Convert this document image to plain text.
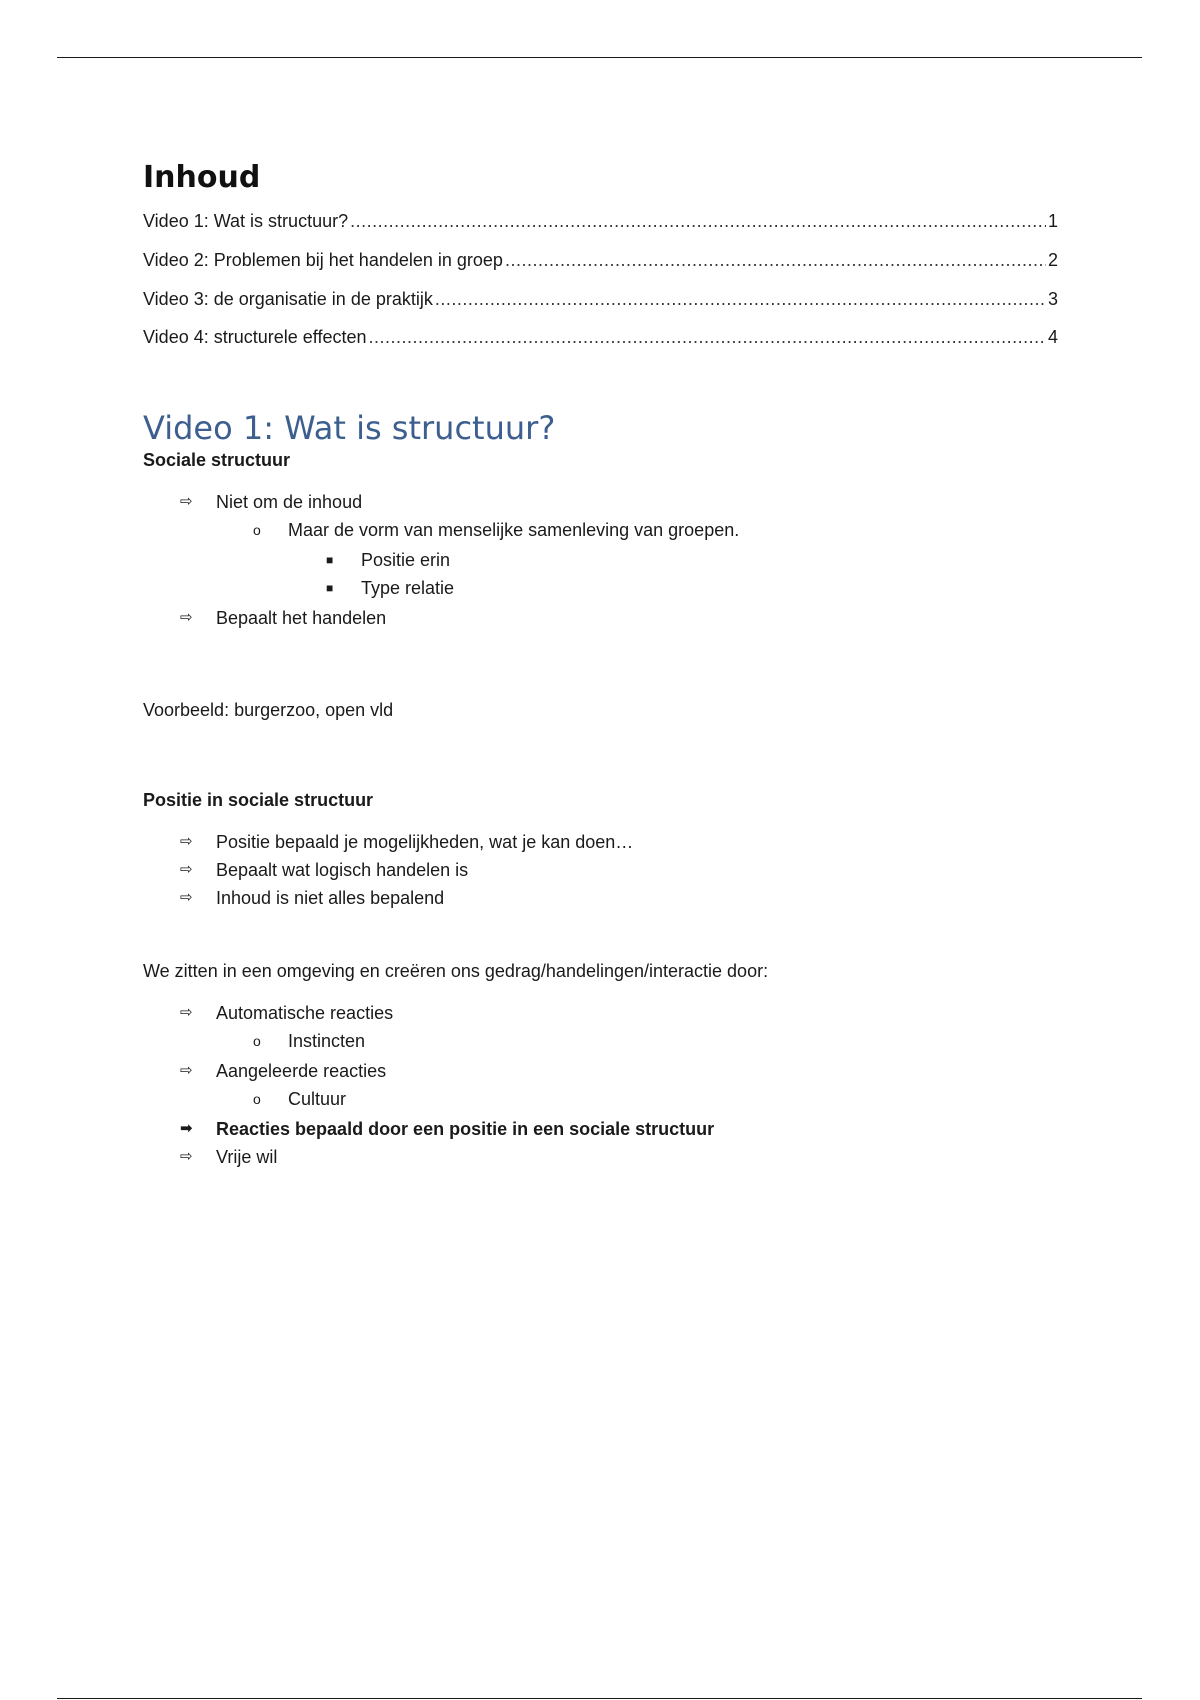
Inhoud
Video 1: Wat is structuur? .....	1
Video 2: Problemen bij het handelen in groep .....	2
Video 3: de organisatie in de praktijk .....	3
Video 4: structurele effecten .....	4
Video 1: Wat is structuur?
Sociale structuur
⇨ Niet om de inhoud
o Maar de vorm van menselijke samenleving van groepen.
■ Positie erin
■ Type relatie
⇨ Bepaalt het handelen
Voorbeeld: burgerzoo, open vld
Positie in sociale structuur
⇨ Positie bepaald je mogelijkheden, wat je kan doen…
⇨ Bepaalt wat logisch handelen is
⇨ Inhoud is niet alles bepalend
We zitten in een omgeving en creëren ons gedrag/handelingen/interactie door:
⇨ Automatische reacties
o Instincten
⇨ Aangeleerde reacties
o Cultuur
➡ Reacties bepaald door een positie in een sociale structuur
⇨ Vrije wil
